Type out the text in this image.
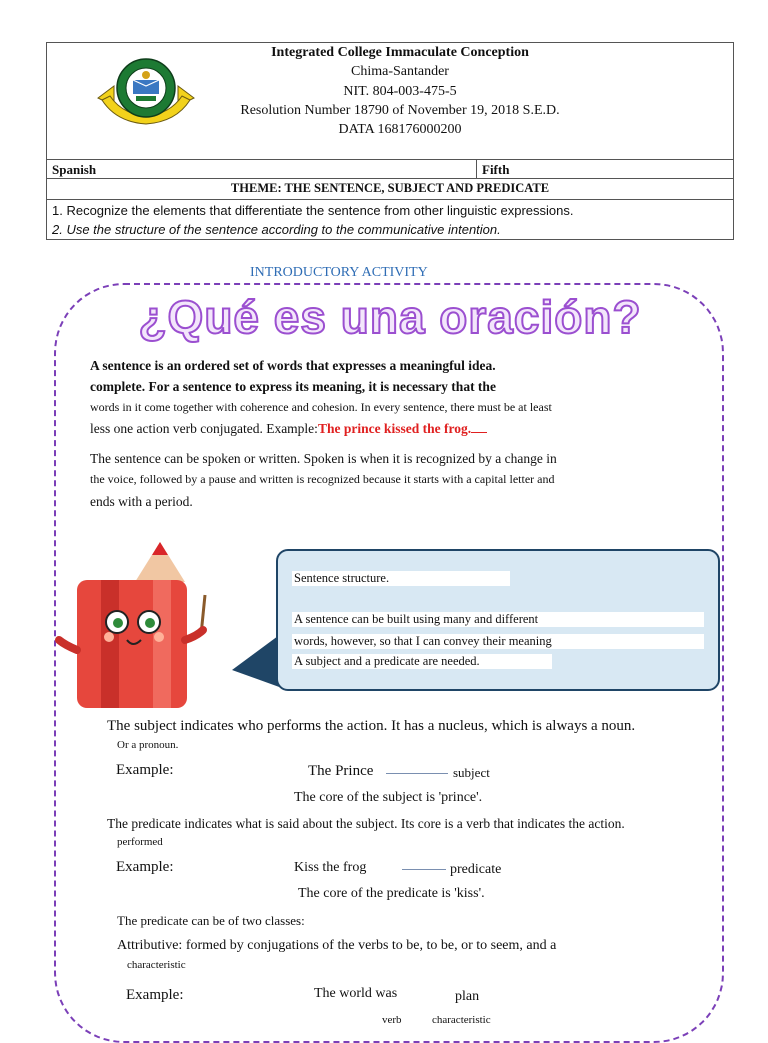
Integrated College Immaculate Conception
Chima-Santander
NIT. 804-003-475-5
Resolution Number 18790 of November 19, 2018 S.E.D.
DATA 168176000200
Spanish	Fifth
THEME: THE SENTENCE, SUBJECT AND PREDICATE
1. Recognize the elements that differentiate the sentence from other linguistic expressions.
2. Use the structure of the sentence according to the communicative intention.
INTRODUCTORY ACTIVITY
¿Qué es una oración?
A sentence is an ordered set of words that expresses a meaningful idea.
complete. For a sentence to express its meaning, it is necessary that the
words in it come together with coherence and cohesion. In every sentence, there must be at least
less one action verb conjugated. Example:The prince kissed the frog.
The sentence can be spoken or written. Spoken is when it is recognized by a change in
the voice, followed by a pause and written is recognized because it starts with a capital letter and
ends with a period.
Sentence structure.
A sentence can be built using many and different
words, however, so that I can convey their meaning
A subject and a predicate are needed.
The subject indicates who performs the action. It has a nucleus, which is always a noun.
Or a pronoun.
Example:	The Prince	subject
The core of the subject is 'prince'.
The predicate indicates what is said about the subject. Its core is a verb that indicates the action.
performed
Example:	Kiss the frog	predicate
The core of the predicate is 'kiss'.
The predicate can be of two classes:
Attributive: formed by conjugations of the verbs to be, to be, or to seem, and a
characteristic
Example:	The world was	plan
verb	characteristic
